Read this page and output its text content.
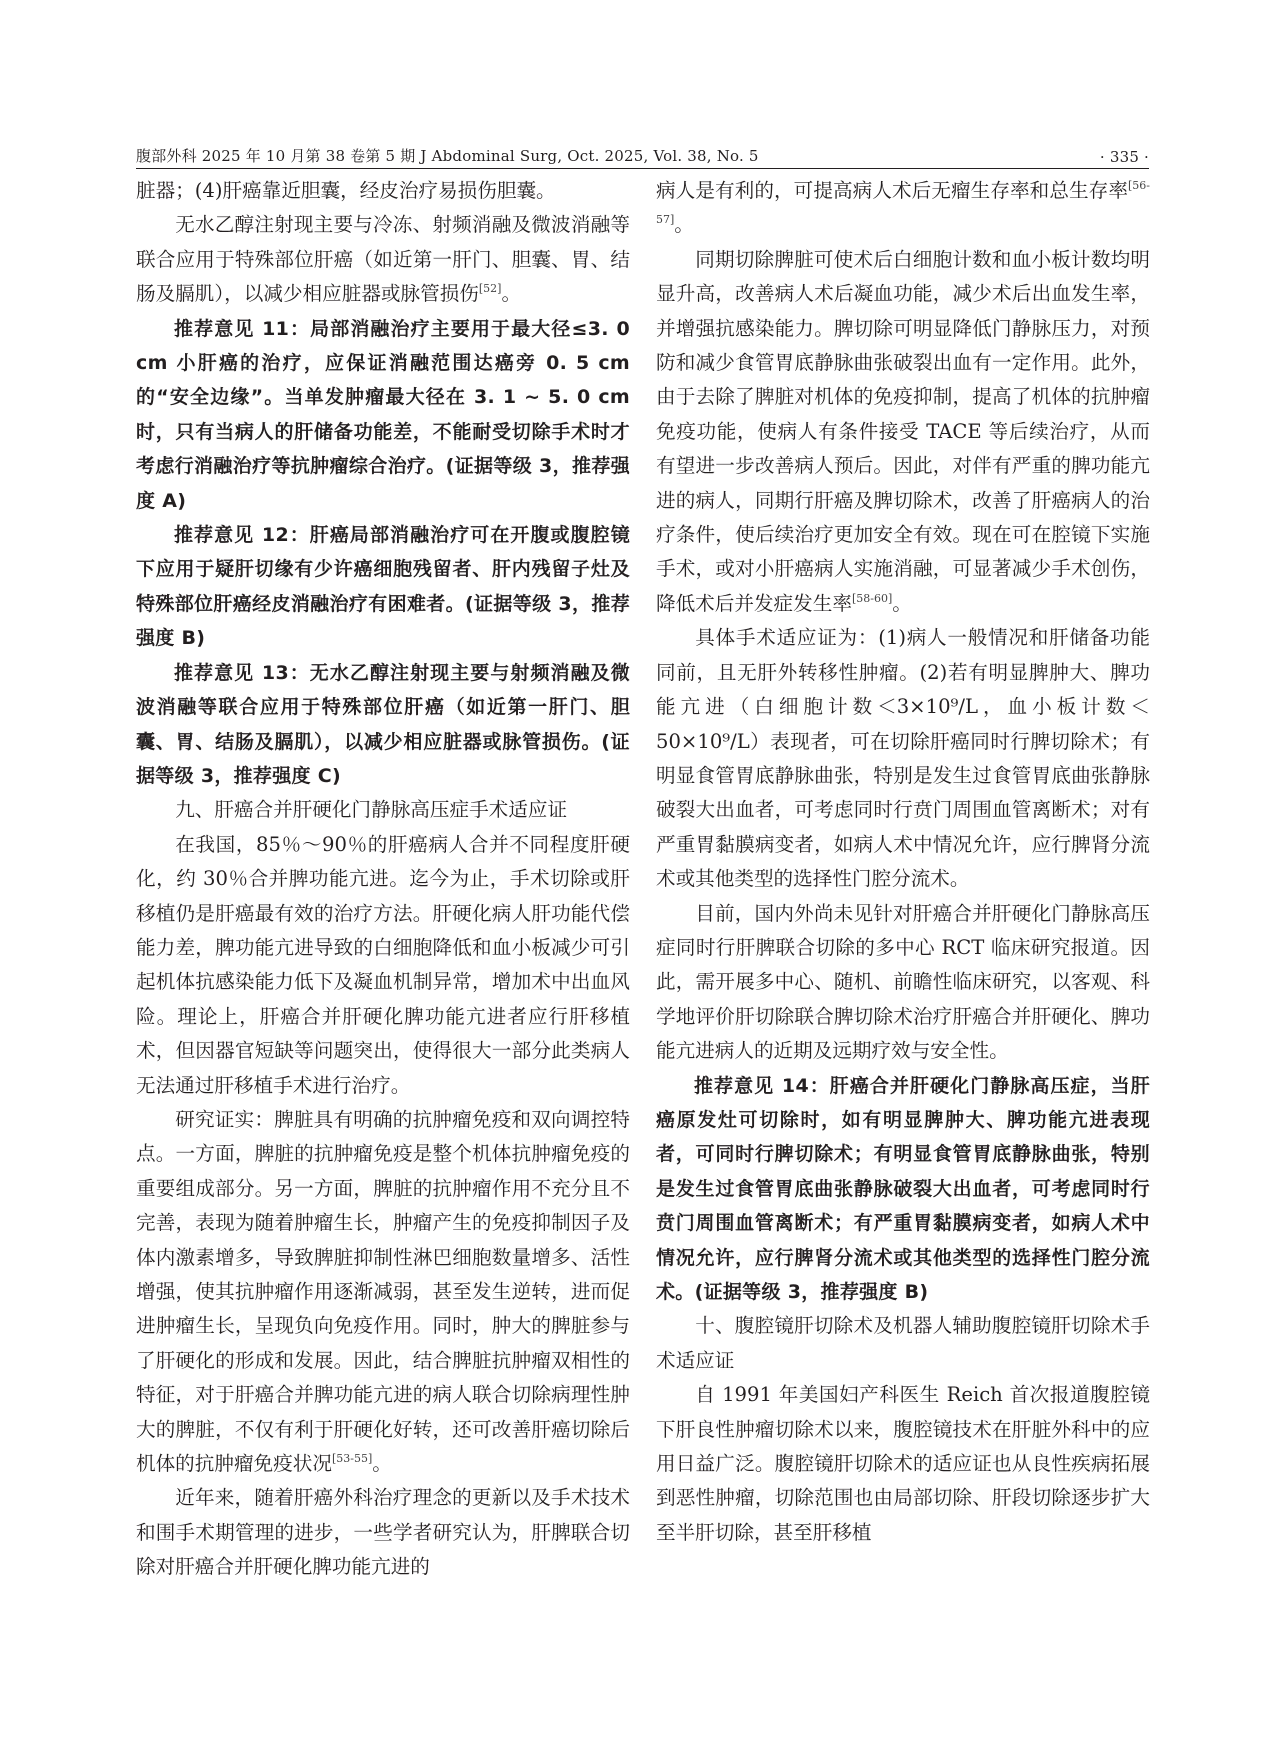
腹部外科 2025 年 10 月第 38 卷第 5 期 J Abdominal Surg, Oct. 2025, Vol. 38, No. 5	· 335 ·

脏器；(4)肝癌靠近胆囊，经皮治疗易损伤胆囊。

无水乙醇注射现主要与冷冻、射频消融及微波消融等联合应用于特殊部位肝癌（如近第一肝门、胆囊、胃、结肠及膈肌），以减少相应脏器或脉管损伤[52]。

推荐意见 11：局部消融治疗主要用于最大径≤3. 0 cm 小肝癌的治疗，应保证消融范围达癌旁 0. 5 cm 的“安全边缘”。当单发肿瘤最大径在 3. 1 ~ 5. 0 cm 时，只有当病人的肝储备功能差，不能耐受切除手术时才考虑行消融治疗等抗肿瘤综合治疗。(证据等级 3，推荐强度 A)

推荐意见 12：肝癌局部消融治疗可在开腹或腹腔镜下应用于疑肝切缘有少许癌细胞残留者、肝内残留子灶及特殊部位肝癌经皮消融治疗有困难者。(证据等级 3，推荐强度 B)

推荐意见 13：无水乙醇注射现主要与射频消融及微波消融等联合应用于特殊部位肝癌（如近第一肝门、胆囊、胃、结肠及膈肌），以减少相应脏器或脉管损伤。(证据等级 3，推荐强度 C)

九、肝癌合并肝硬化门静脉高压症手术适应证

在我国，85％～90％的肝癌病人合并不同程度肝硬化，约 30％合并脾功能亢进。迄今为止，手术切除或肝移植仍是肝癌最有效的治疗方法。肝硬化病人肝功能代偿能力差，脾功能亢进导致的白细胞降低和血小板减少可引起机体抗感染能力低下及凝血机制异常，增加术中出血风险。理论上，肝癌合并肝硬化脾功能亢进者应行肝移植术，但因器官短缺等问题突出，使得很大一部分此类病人无法通过肝移植手术进行治疗。

研究证实：脾脏具有明确的抗肿瘤免疫和双向调控特点。一方面，脾脏的抗肿瘤免疫是整个机体抗肿瘤免疫的重要组成部分。另一方面，脾脏的抗肿瘤作用不充分且不完善，表现为随着肿瘤生长，肿瘤产生的免疫抑制因子及体内激素增多，导致脾脏抑制性淋巴细胞数量增多、活性增强，使其抗肿瘤作用逐渐减弱，甚至发生逆转，进而促进肿瘤生长，呈现负向免疫作用。同时，肿大的脾脏参与了肝硬化的形成和发展。因此，结合脾脏抗肿瘤双相性的特征，对于肝癌合并脾功能亢进的病人联合切除病理性肿大的脾脏，不仅有利于肝硬化好转，还可改善肝癌切除后机体的抗肿瘤免疫状况[53-55]。

近年来，随着肝癌外科治疗理念的更新以及手术技术和围手术期管理的进步，一些学者研究认为，肝脾联合切除对肝癌合并肝硬化脾功能亢进的

病人是有利的，可提高病人术后无瘤生存率和总生存率[56-57]。

同期切除脾脏可使术后白细胞计数和血小板计数均明显升高，改善病人术后凝血功能，减少术后出血发生率，并增强抗感染能力。脾切除可明显降低门静脉压力，对预防和减少食管胃底静脉曲张破裂出血有一定作用。此外，由于去除了脾脏对机体的免疫抑制，提高了机体的抗肿瘤免疫功能，使病人有条件接受 TACE 等后续治疗，从而有望进一步改善病人预后。因此，对伴有严重的脾功能亢进的病人，同期行肝癌及脾切除术，改善了肝癌病人的治疗条件，使后续治疗更加安全有效。现在可在腔镜下实施手术，或对小肝癌病人实施消融，可显著减少手术创伤，降低术后并发症发生率[58-60]。

具体手术适应证为：(1)病人一般情况和肝储备功能同前，且无肝外转移性肿瘤。(2)若有明显脾肿大、脾功能亢进（白细胞计数＜3×10⁹/L，血小板计数＜50×10⁹/L）表现者，可在切除肝癌同时行脾切除术；有明显食管胃底静脉曲张，特别是发生过食管胃底曲张静脉破裂大出血者，可考虑同时行贲门周围血管离断术；对有严重胃黏膜病变者，如病人术中情况允许，应行脾肾分流术或其他类型的选择性门腔分流术。

目前，国内外尚未见针对肝癌合并肝硬化门静脉高压症同时行肝脾联合切除的多中心 RCT 临床研究报道。因此，需开展多中心、随机、前瞻性临床研究，以客观、科学地评价肝切除联合脾切除术治疗肝癌合并肝硬化、脾功能亢进病人的近期及远期疗效与安全性。

推荐意见 14：肝癌合并肝硬化门静脉高压症，当肝癌原发灶可切除时，如有明显脾肿大、脾功能亢进表现者，可同时行脾切除术；有明显食管胃底静脉曲张，特别是发生过食管胃底曲张静脉破裂大出血者，可考虑同时行贲门周围血管离断术；有严重胃黏膜病变者，如病人术中情况允许，应行脾肾分流术或其他类型的选择性门腔分流术。(证据等级 3，推荐强度 B)

十、腹腔镜肝切除术及机器人辅助腹腔镜肝切除术手术适应证

自 1991 年美国妇产科医生 Reich 首次报道腹腔镜下肝良性肿瘤切除术以来，腹腔镜技术在肝脏外科中的应用日益广泛。腹腔镜肝切除术的适应证也从良性疾病拓展到恶性肿瘤，切除范围也由局部切除、肝段切除逐步扩大至半肝切除，甚至肝移植
